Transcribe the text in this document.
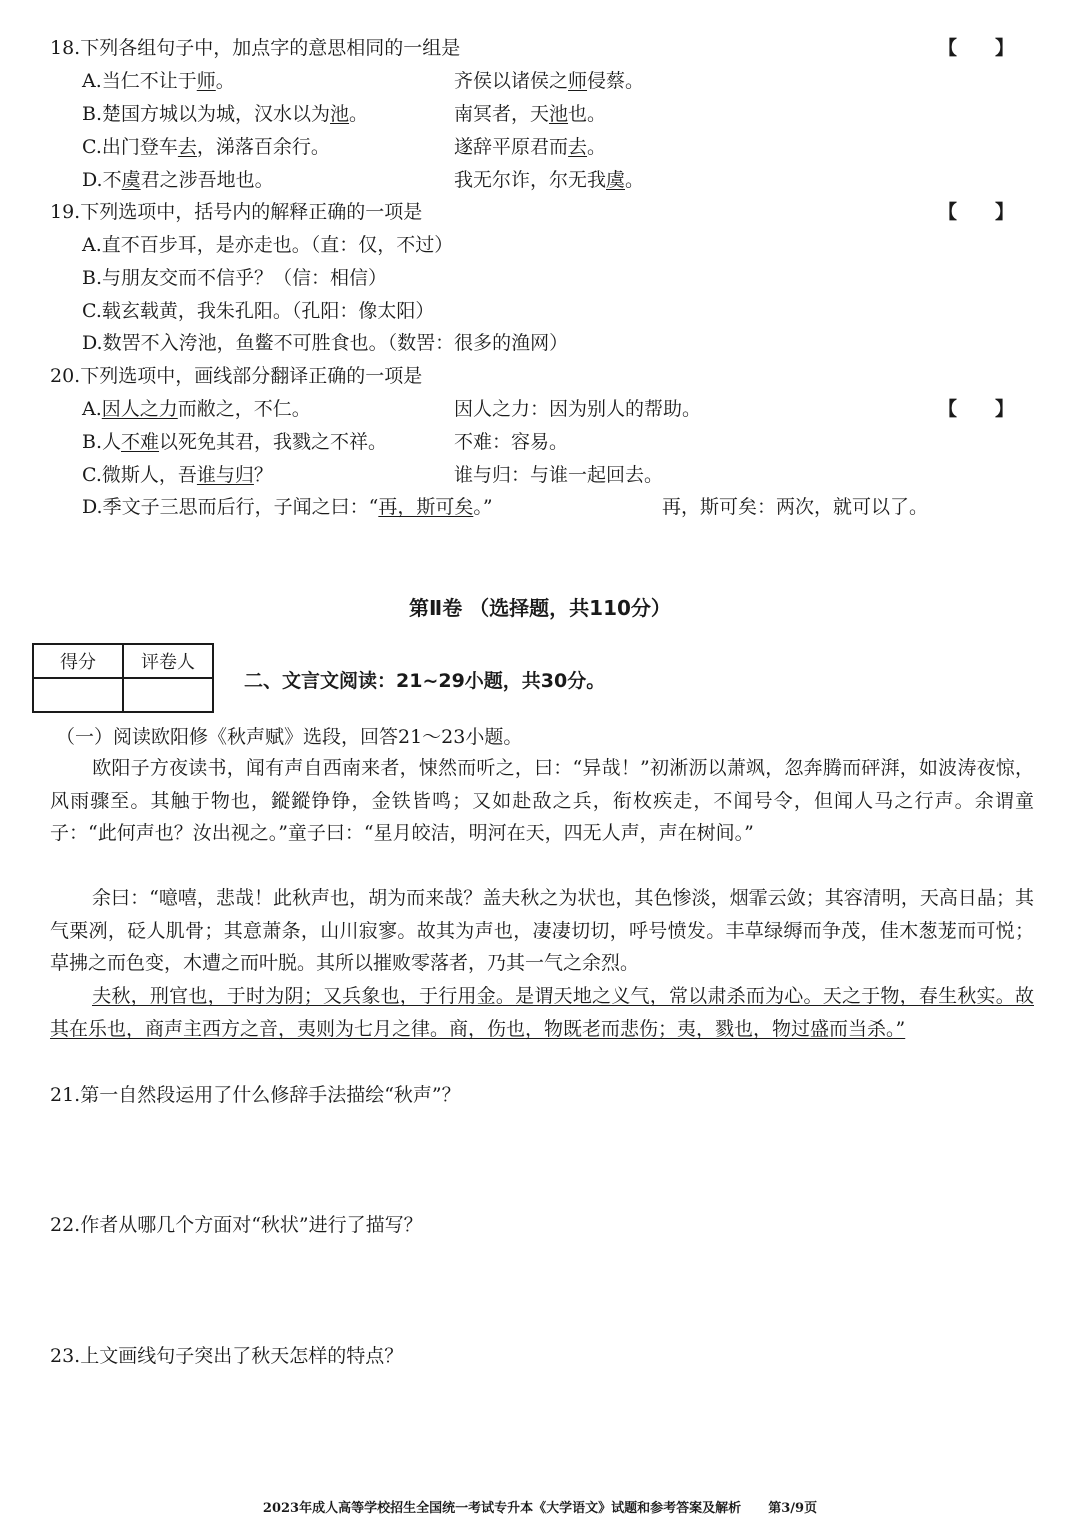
18.下列各组句子中，加点字的意思相同的一组是	【　　】
A.当仁不让于师。	齐侯以诸侯之师侵蔡。
B.楚国方城以为城，汉水以为池。	南冥者，天池也。
C.出门登车去，涕落百余行。	遂辞平原君而去。
D.不虞君之涉吾地也。	我无尔诈，尔无我虞。
19.下列选项中，括号内的解释正确的一项是	【　　】
A.直不百步耳，是亦走也。（直：仅，不过）
B.与朋友交而不信乎？（信：相信）
C.载玄载黄，我朱孔阳。（孔阳：像太阳）
D.数罟不入洿池，鱼鳖不可胜食也。（数罟：很多的渔网）
20.下列选项中，画线部分翻译正确的一项是
【　　】
A.因人之力而敝之，不仁。	因人之力：因为别人的帮助。
B.人不难以死免其君，我戮之不祥。	不难：容易。
C.微斯人，吾谁与归？	谁与归：与谁一起回去。
D.季文子三思而后行，子闻之曰：“再，斯可矣。”	再，斯可矣：两次，就可以了。
第Ⅱ卷 （选择题，共110分）
得分	评卷人

二、文言文阅读：21~29小题，共30分。
（一）阅读欧阳修《秋声赋》选段，回答21～23小题。
欧阳子方夜读书，闻有声自西南来者，悚然而听之，曰：“异哉！”初淅沥以萧飒，忽奔腾而砰湃，如波涛夜惊，风雨骤至。其触于物也，鏦鏦铮铮，金铁皆鸣；又如赴敌之兵，衔枚疾走，不闻号令，但闻人马之行声。余谓童子：“此何声也？汝出视之。”童子曰：“星月皎洁，明河在天，四无人声，声在树间。”
余曰：“噫嘻，悲哉！此秋声也，胡为而来哉？盖夫秋之为状也，其色惨淡，烟霏云敛；其容清明，天高日晶；其气栗冽，砭人肌骨；其意萧条，山川寂寥。故其为声也，凄凄切切，呼号愤发。丰草绿缛而争茂，佳木葱茏而可悦；草拂之而色变，木遭之而叶脱。其所以摧败零落者，乃其一气之余烈。
夫秋，刑官也，于时为阴；又兵象也，于行用金。是谓天地之义气，常以肃杀而为心。天之于物，春生秋实。故其在乐也，商声主西方之音，夷则为七月之律。商，伤也，物既老而悲伤；夷，戮也，物过盛而当杀。”
21.第一自然段运用了什么修辞手法描绘“秋声”？
22.作者从哪几个方面对“秋状”进行了描写？
23.上文画线句子突出了秋天怎样的特点？
2023年成人高等学校招生全国统一考试专升本《大学语文》试题和参考答案及解析 第3/9页
